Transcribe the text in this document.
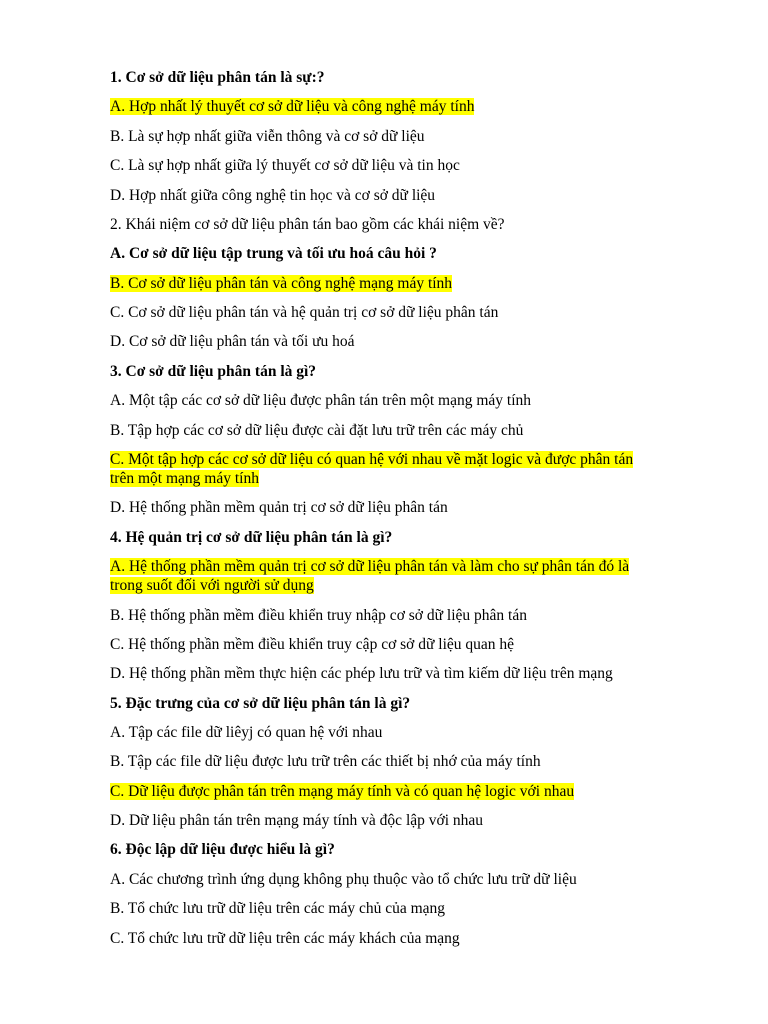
1. Cơ sở dữ liệu phân tán là sự:?
A. Hợp nhất lý thuyết cơ sở dữ liệu và công nghệ máy tính
B. Là sự hợp nhất giữa viễn thông và cơ sở dữ liệu
C. Là sự hợp nhất giữa lý thuyết cơ sở dữ liệu và tin học
D. Hợp nhất giữa công nghệ tin học và cơ sở dữ liệu
2. Khái niệm cơ sở dữ liệu phân tán bao gồm các khái niệm về?
A. Cơ sở dữ liệu tập trung và tối ưu hoá câu hỏi ?
B. Cơ sở dữ liệu phân tán và công nghệ mạng máy tính
C. Cơ sở dữ liệu phân tán và hệ quản trị cơ sở dữ liệu phân tán
D. Cơ sở dữ liệu phân tán và tối ưu hoá
3. Cơ sở dữ liệu phân tán là gì?
A. Một tập các cơ sở dữ liệu được phân tán trên một mạng máy tính
B. Tập hợp các cơ sở dữ liệu được cài đặt lưu trữ trên các máy chủ
C. Một tập hợp các cơ sở dữ liệu có quan hệ với nhau về mặt logic và được phân tán
trên một mạng máy tính
D. Hệ thống phần mềm quản trị cơ sở dữ liệu phân tán
4. Hệ quản trị cơ sở dữ liệu phân tán là gì?
A. Hệ thống phần mềm quản trị cơ sở dữ liệu phân tán và làm cho sự phân tán đó là
trong suốt đối với người sử dụng
B. Hệ thống phần mềm điều khiển truy nhập cơ sở dữ liệu phân tán
C. Hệ thống phần mềm điều khiển truy cập cơ sở dữ liệu quan hệ
D. Hệ thống phần mềm thực hiện các phép lưu trữ và tìm kiếm dữ liệu trên mạng
5. Đặc trưng của cơ sở dữ liệu phân tán là gì?
A. Tập các file dữ liêyj có quan hệ với nhau
B. Tập các file dữ liệu được lưu trữ trên các thiết bị nhớ của máy tính
C. Dữ liệu được phân tán trên mạng máy tính và có quan hệ logic với nhau
D. Dữ liệu phân tán trên mạng máy tính và độc lập với nhau
6. Độc lập dữ liệu được hiểu là gì?
A. Các chương trình ứng dụng không phụ thuộc vào tổ chức lưu trữ dữ liệu
B. Tổ chức lưu trữ dữ liệu trên các máy chủ của mạng
C. Tổ chức lưu trữ dữ liệu trên các máy khách của mạng
